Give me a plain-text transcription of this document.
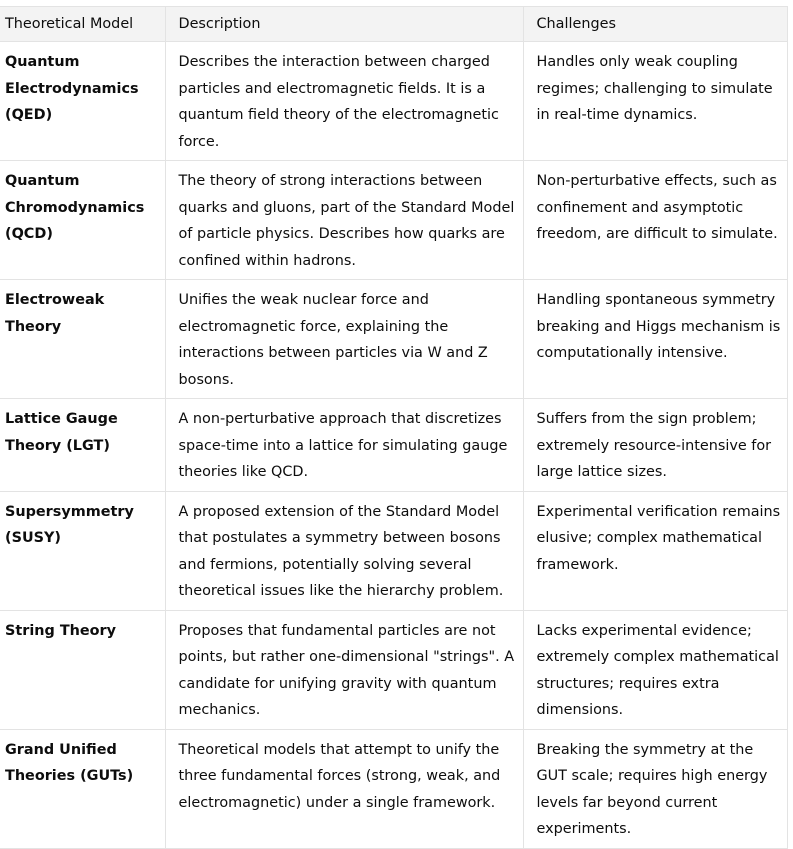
Theoretical Model	Description	Challenges

Quantum Electrodynamics (QED)	Describes the interaction between charged particles and electromagnetic fields. It is a quantum field theory of the electromagnetic force.	Handles only weak coupling regimes; challenging to simulate in real-time dynamics.

Quantum Chromodynamics (QCD)	The theory of strong interactions between quarks and gluons, part of the Standard Model of particle physics. Describes how quarks are confined within hadrons.	Non-perturbative effects, such as confinement and asymptotic freedom, are difficult to simulate.

Electroweak Theory	Unifies the weak nuclear force and electromagnetic force, explaining the interactions between particles via W and Z bosons.	Handling spontaneous symmetry breaking and Higgs mechanism is computationally intensive.

Lattice Gauge Theory (LGT)	A non-perturbative approach that discretizes space-time into a lattice for simulating gauge theories like QCD.	Suffers from the sign problem; extremely resource-intensive for large lattice sizes.

Supersymmetry (SUSY)	A proposed extension of the Standard Model that postulates a symmetry between bosons and fermions, potentially solving several theoretical issues like the hierarchy problem.	Experimental verification remains elusive; complex mathematical framework.

String Theory	Proposes that fundamental particles are not points, but rather one-dimensional "strings". A candidate for unifying gravity with quantum mechanics.	Lacks experimental evidence; extremely complex mathematical structures; requires extra dimensions.

Grand Unified Theories (GUTs)	Theoretical models that attempt to unify the three fundamental forces (strong, weak, and electromagnetic) under a single framework.	Breaking the symmetry at the GUT scale; requires high energy levels far beyond current experiments.
